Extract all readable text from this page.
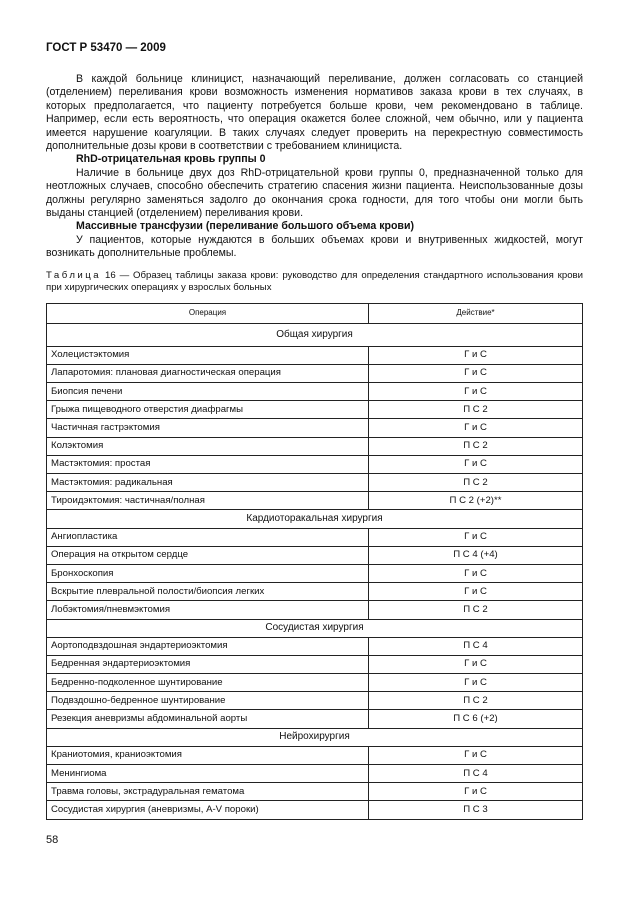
ГОСТ Р 53470 — 2009

В каждой больнице клиницист, назначающий переливание, должен согласовать со станцией (отделением) переливания крови возможность изменения нормативов заказа крови в тех случаях, в которых предполагается, что пациенту потребуется больше крови, чем рекомендовано в таблице. Например, если есть вероятность, что операция окажется более сложной, чем обычно, или у пациента имеется нарушение коагуляции. В таких случаях следует проверить на перекрестную совместимость дополнительные дозы крови в соответствии с требованием клинициста.

RhD-отрицательная кровь группы 0

Наличие в больнице двух доз RhD-отрицательной крови группы 0, предназначенной только для неотложных случаев, способно обеспечить стратегию спасения жизни пациента. Неиспользованные дозы должны регулярно заменяться задолго до окончания срока годности, для того чтобы они могли быть выданы станцией (отделением) переливания крови.

Массивные трансфузии (переливание большого объема крови)

У пациентов, которые нуждаются в больших объемах крови и внутривенных жидкостей, могут возникать дополнительные проблемы.

Таблица 16 — Образец таблицы заказа крови: руководство для определения стандартного использования крови при хирургических операциях у взрослых больных
Операция	Действие*
Общая хирургия	
Холецистэктомия	Г и С
Лапаротомия: плановая диагностическая операция	Г и С
Биопсия печени	Г и С
Грыжа пищеводного отверстия диафрагмы	П С 2
Частичная гастрэктомия	Г и С
Колэктомия	П С 2
Мастэктомия: простая	Г и С
Мастэктомия: радикальная	П С 2
Тироидэктомия: частичная/полная	П С 2 (+2)**
Кардиоторакальная хирургия	
Ангиопластика	Г и С
Операция на открытом сердце	П С 4 (+4)
Бронхоскопия	Г и С
Вскрытие плевральной полости/биопсия легких	Г и С
Лобэктомия/пневмэктомия	П С 2
Сосудистая хирургия	
Аортоподвздошная эндартериоэктомия	П С 4
Бедренная эндартериоэктомия	Г и С
Бедренно-подколенное шунтирование	Г и С
Подвздошно-бедренное шунтирование	П С 2
Резекция аневризмы абдоминальной аорты	П С 6 (+2)
Нейрохирургия	
Краниотомия, краниоэктомия	Г и С
Менингиома	П С 4
Травма головы, экстрадуральная гематома	Г и С
Сосудистая хирургия (аневризмы, A-V пороки)	П С 3
58
